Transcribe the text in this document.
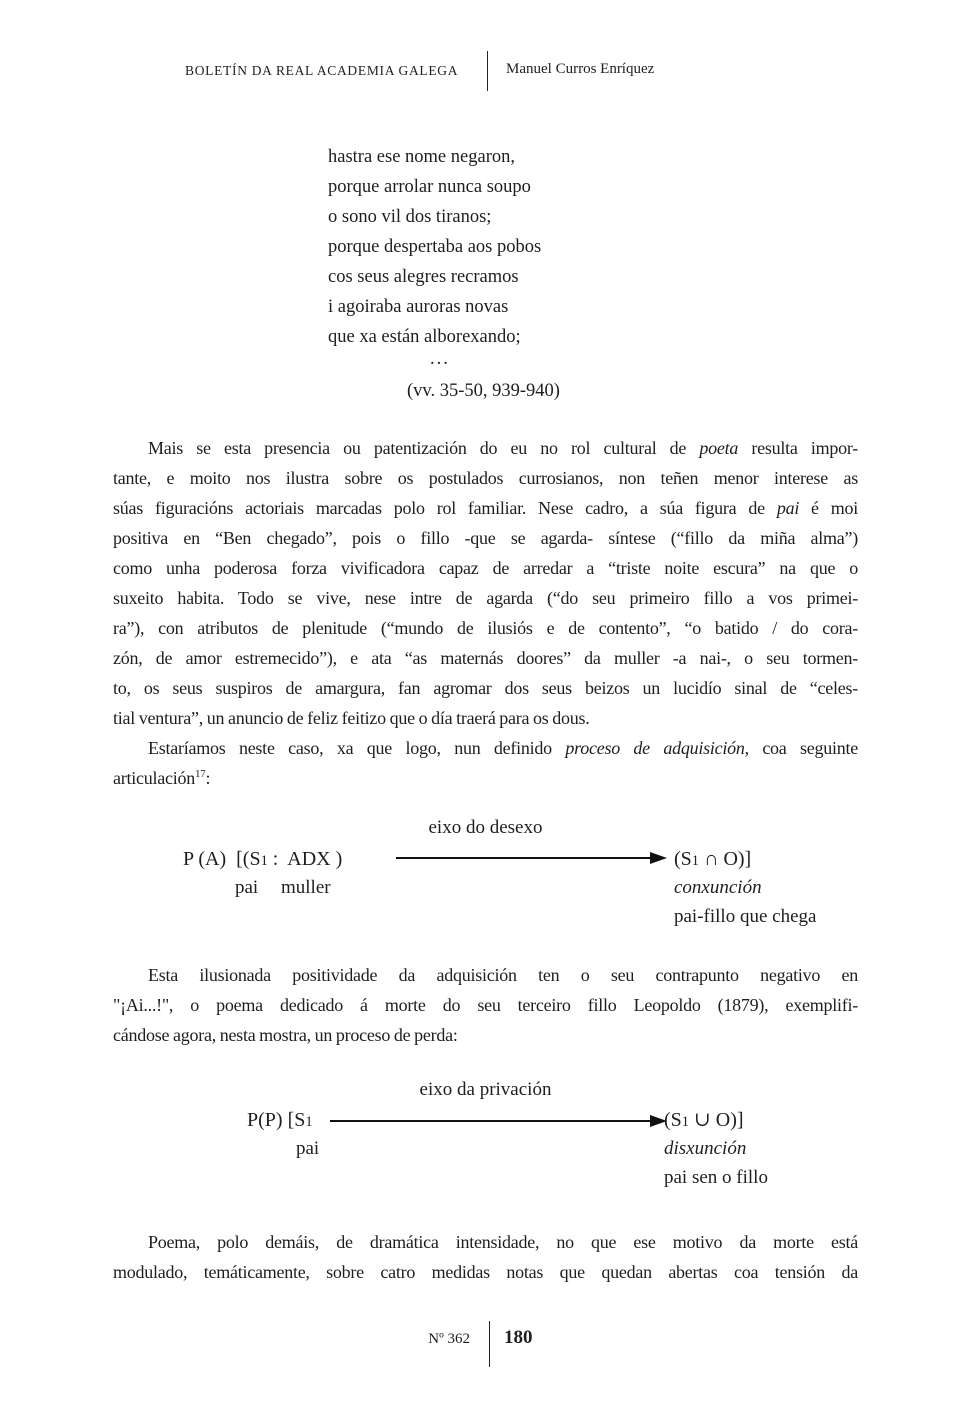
BOLETÍN DA REAL ACADEMIA GALEGA	Manuel Curros Enríquez
hastra ese nome negaron,
porque arrolar nunca soupo
o sono vil dos tiranos;
porque despertaba aos pobos
cos seus alegres recramos
i agoiraba auroras novas
que xa están alborexando;
...
(vv. 35-50, 939-940)
Mais se esta presencia ou patentización do eu no rol cultural de poeta resulta impor-
tante, e moito nos ilustra sobre os postulados currosianos, non teñen menor interese as
súas figuracións actoriais marcadas polo rol familiar. Nese cadro, a súa figura de pai é moi
positiva en “Ben chegado”, pois o fillo -que se agarda- síntese (“fillo da miña alma”)
como unha poderosa forza vivificadora capaz de arredar a “triste noite escura” na que o
suxeito habita. Todo se vive, nese intre de agarda (“do seu primeiro fillo a vos primei-
ra”), con atributos de plenitude (“mundo de ilusiós e de contento”, “o batido / do cora-
zón, de amor estremecido”), e ata “as maternás doores” da muller -a nai-, o seu tormen-
to, os seus suspiros de amargura, fan agromar dos seus beizos un lucidío sinal de “celes-
tial ventura”, un anuncio de feliz feitizo que o día traerá para os dous.
Estaríamos neste caso, xa que logo, nun definido proceso de adquisición, coa seguinte
articulación$^{17}$:
eixo do desexo
P (A)  [(S1 :  ADX )	(S1 ∩ O)]
pai muller	conxunción
pai-fillo que chega
Esta ilusionada positividade da adquisición ten o seu contrapunto negativo en
"¡Ai...!", o poema dedicado á morte do seu terceiro fillo Leopoldo (1879), exemplifi-
cándose agora, nesta mostra, un proceso de perda:
eixo da privación
P(P) [S1	(S1 ∪ O)]
pai	disxunción
pai sen o fillo
Poema, polo demáis, de dramática intensidade, no que ese motivo da morte está
modulado, temáticamente, sobre catro medidas notas que quedan abertas coa tensión da
Nº 362 180
